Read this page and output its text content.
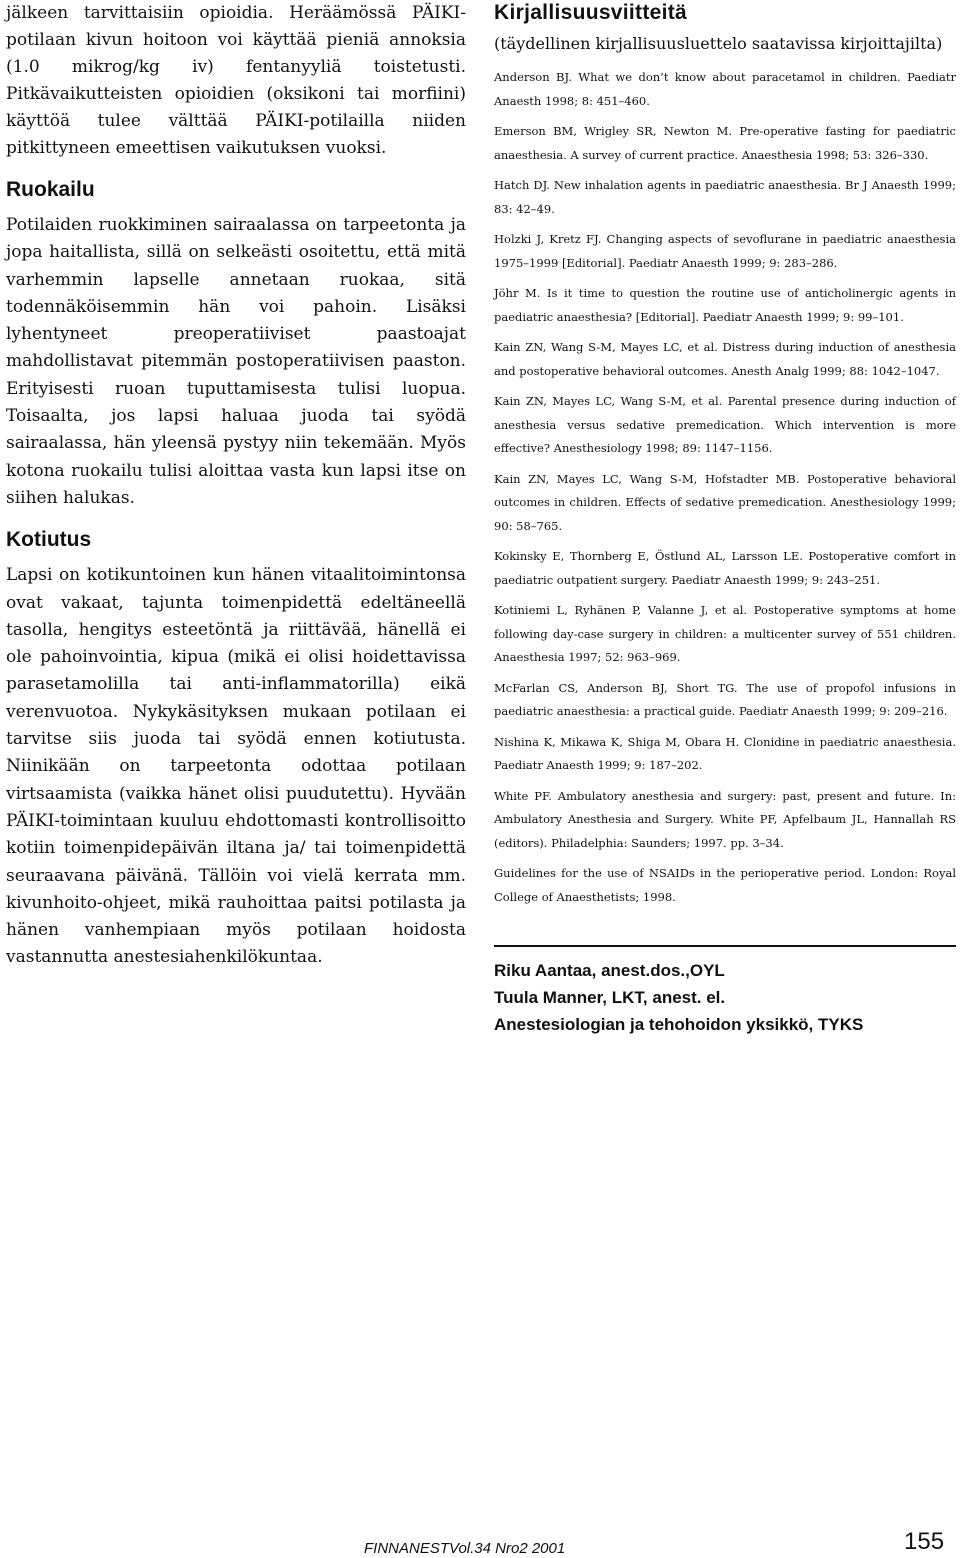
jälkeen tarvittaisiin opioidia. Heräämössä PÄIKI-potilaan kivun hoitoon voi käyttää pieniä annoksia (1.0 mikrog/kg iv) fentanyyliä toistetusti. Pitkävaikutteisten opioidien (oksikoni tai morfiini) käyttöä tulee välttää PÄIKI-potilailla niiden pitkittyneen emeettisen vaikutuksen vuoksi.

Ruokailu

Potilaiden ruokkiminen sairaalassa on tarpeetonta ja jopa haitallista, sillä on selkeästi osoitettu, että mitä varhemmin lapselle annetaan ruokaa, sitä todennäköisemmin hän voi pahoin. Lisäksi lyhentyneet preoperatiiviset paastoajat mahdollistavat pitemmän postoperatiivisen paaston. Erityisesti ruoan tuputtamisesta tulisi luopua. Toisaalta, jos lapsi haluaa juoda tai syödä sairaalassa, hän yleensä pystyy niin tekemään. Myös kotona ruokailu tulisi aloittaa vasta kun lapsi itse on siihen halukas.

Kotiutus

Lapsi on kotikuntoinen kun hänen vitaalitoimintonsa ovat vakaat, tajunta toimenpidettä edeltäneellä tasolla, hengitys esteetöntä ja riittävää, hänellä ei ole pahoinvointia, kipua (mikä ei olisi hoidettavissa parasetamolilla tai anti-inflammatorilla) eikä verenvuotoa. Nykykäsityksen mukaan potilaan ei tarvitse siis juoda tai syödä ennen kotiutusta. Niinikään on tarpeetonta odottaa potilaan virtsaamista (vaikka hänet olisi puudutettu). Hyvään PÄIKI-toimintaan kuuluu ehdottomasti kontrollisoitto kotiin toimenpidepäivän iltana ja/ tai toimenpidettä seuraavana päivänä. Tällöin voi vielä kerrata mm. kivunhoito-ohjeet, mikä rauhoittaa paitsi potilasta ja hänen vanhempiaan myös potilaan hoidosta vastannutta anestesiahenkilökuntaa.

Kirjallisuusviitteitä

(täydellinen kirjallisuusluettelo saatavissa kirjoittajilta)

Anderson BJ. What we don’t know about paracetamol in children. Paediatr Anaesth 1998; 8: 451–460.
Emerson BM, Wrigley SR, Newton M. Pre-operative fasting for paediatric anaesthesia. A survey of current practice. Anaesthesia 1998; 53: 326–330.
Hatch DJ. New inhalation agents in paediatric anaesthesia. Br J Anaesth 1999; 83: 42–49.
Holzki J, Kretz FJ. Changing aspects of sevoflurane in paediatric anaesthesia 1975–1999 [Editorial]. Paediatr Anaesth 1999; 9: 283–286.
Jöhr M. Is it time to question the routine use of anticholinergic agents in paediatric anaesthesia? [Editorial]. Paediatr Anaesth 1999; 9: 99–101.
Kain ZN, Wang S-M, Mayes LC, et al. Distress during induction of anesthesia and postoperative behavioral outcomes. Anesth Analg 1999; 88: 1042–1047.
Kain ZN, Mayes LC, Wang S-M, et al. Parental presence during induction of anesthesia versus sedative premedication. Which intervention is more effective? Anesthesiology 1998; 89: 1147–1156.
Kain ZN, Mayes LC, Wang S-M, Hofstadter MB. Postoperative behavioral outcomes in children. Effects of sedative premedication. Anesthesiology 1999; 90: 58–765.
Kokinsky E, Thornberg E, Östlund AL, Larsson LE. Postoperative comfort in paediatric outpatient surgery. Paediatr Anaesth 1999; 9: 243–251.
Kotiniemi L, Ryhänen P, Valanne J, et al. Postoperative symptoms at home following day-case surgery in children: a multicenter survey of 551 children. Anaesthesia 1997; 52: 963–969.
McFarlan CS, Anderson BJ, Short TG. The use of propofol infusions in paediatric anaesthesia: a practical guide. Paediatr Anaesth 1999; 9: 209–216.
Nishina K, Mikawa K, Shiga M, Obara H. Clonidine in paediatric anaesthesia. Paediatr Anaesth 1999; 9: 187–202.
White PF. Ambulatory anesthesia and surgery: past, present and future. In: Ambulatory Anesthesia and Surgery. White PF, Apfelbaum JL, Hannallah RS (editors). Philadelphia: Saunders; 1997. pp. 3–34.
Guidelines for the use of NSAIDs in the perioperative period. London: Royal College of Anaesthetists; 1998.

Riku Aantaa, anest.dos.,OYL

Tuula Manner, LKT, anest. el.

Anestesiologian ja tehohoidon yksikkö, TYKS

FINNANESTVol.34 Nro2 2001	155
